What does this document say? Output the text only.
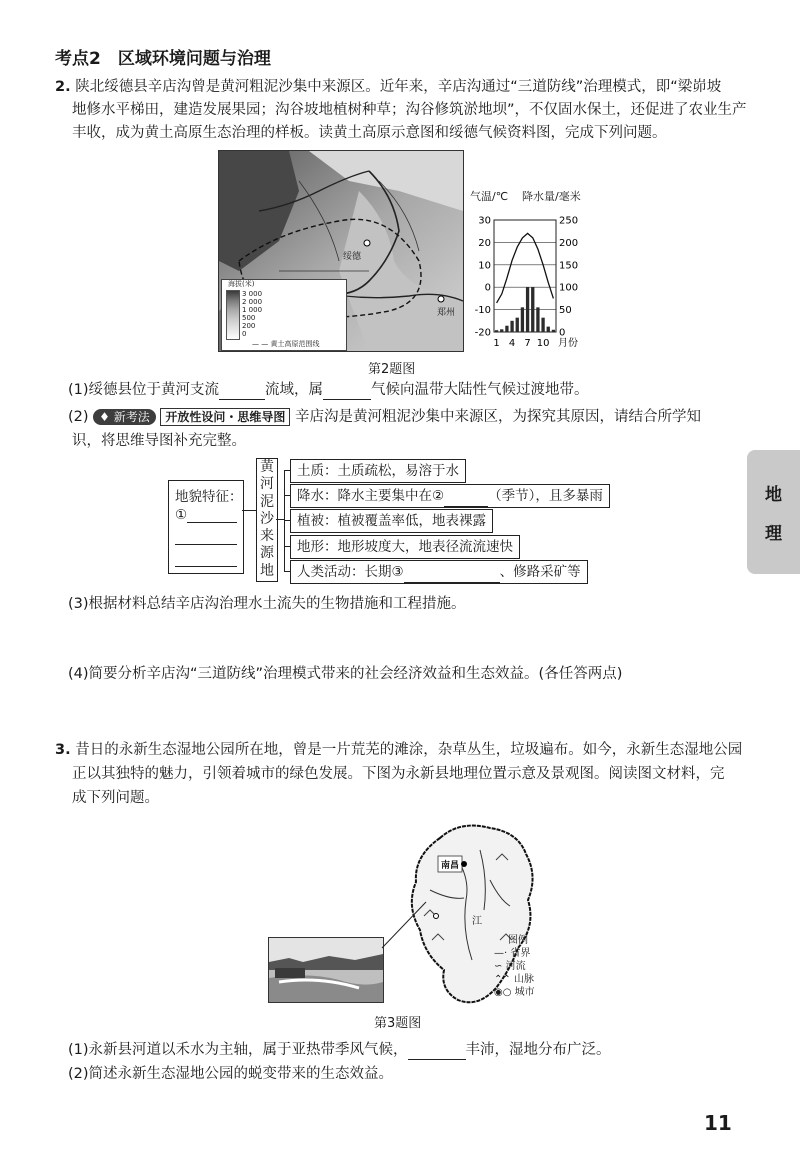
考点2　区域环境问题与治理
2. 陕北绥德县辛店沟曾是黄河粗泥沙集中来源区。近年来，辛店沟通过“三道防线”治理模式，即“梁峁坡
地修水平梯田，建造发展果园；沟谷坡地植树种草；沟谷修筑淤地坝”，不仅固水保土，还促进了农业生产
丰收，成为黄土高原生态治理的样板。读黄土高原示意图和绥德气候资料图，完成下列问题。
绥德
郑州
海拔(米)
3 000
2 000
1 000
500
200
0
— — 黄土高原范围线
气温/℃ 降水量/毫米
30
20
10
0
-10
-20
250
200
150
100
50
0
1 4 7 10 月份
第2题图
(1)绥德县位于黄河支流	流域，属	气候向温带大陆性气候过渡地带。
(2) ♦ 新考法 开放性设问・思维导图 辛店沟是黄河粗泥沙集中来源区，为探究其原因，请结合所学知
识，将思维导图补充完整。
地貌特征：
①
黄
河
泥
沙
来
源
地
土质：土质疏松，易溶于水
降水：降水主要集中在②	（季节），且多暴雨
植被：植被覆盖率低，地表裸露
地形：地形坡度大，地表径流流速快
人类活动：长期③	、修路采矿等
(3)根据材料总结辛店沟治理水土流失的生物措施和工程措施。
(4)简要分析辛店沟“三道防线”治理模式带来的社会经济效益和生态效益。(各任答两点)
3. 昔日的永新生态湿地公园所在地，曾是一片荒芜的滩涂，杂草丛生，垃圾遍布。如今，永新生态湿地公园
正以其独特的魅力，引领着城市的绿色发展。下图为永新县地理位置示意及景观图。阅读图文材料，完
成下列问题。
南昌
江
图例
—· 省界
∽ 河流
⌃⌃ 山脉
◉○ 城市
第3题图
(1)永新县河道以禾水为主轴，属于亚热带季风气候，	丰沛，湿地分布广泛。
(2)简述永新生态湿地公园的蜕变带来的生态效益。
地
理
11
